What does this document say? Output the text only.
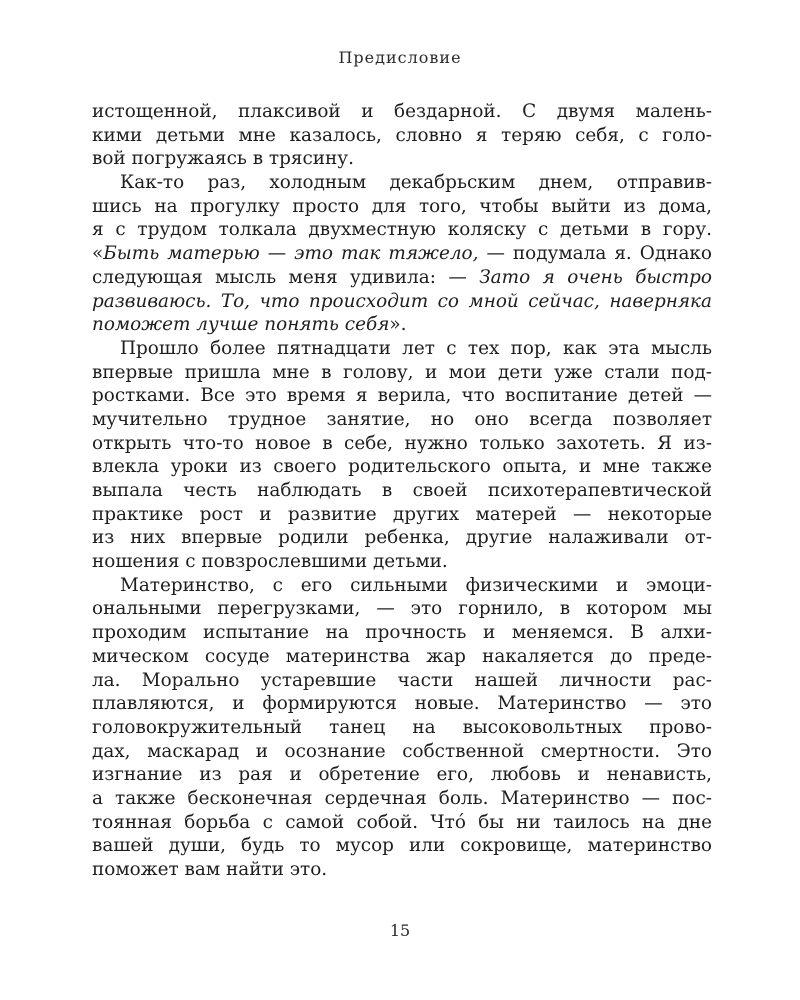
Предисловие
истощенной, плаксивой и бездарной. С двумя малень-
кими детьми мне казалось, словно я теряю себя, с голо-
вой погружаясь в трясину.
Как-то раз, холодным декабрьским днем, отправив-
шись на прогулку просто для того, чтобы выйти из дома,
я с трудом толкала двухместную коляску с детьми в гору.
«Быть матерью — это так тяжело, — подумала я. Однако
следующая мысль меня удивила: — Зато я очень быстро
развиваюсь. То, что происходит со мной сейчас, наверняка
поможет лучше понять себя».
Прошло более пятнадцати лет с тех пор, как эта мысль
впервые пришла мне в голову, и мои дети уже стали под-
ростками. Все это время я верила, что воспитание детей —
мучительно трудное занятие, но оно всегда позволяет
открыть что-то новое в себе, нужно только захотеть. Я из-
влекла уроки из своего родительского опыта, и мне также
выпала честь наблюдать в своей психотерапевтической
практике рост и развитие других матерей — некоторые
из них впервые родили ребенка, другие налаживали от-
ношения с повзрослевшими детьми.
Материнство, с его сильными физическими и эмоци-
ональными перегрузками, — это горнило, в котором мы
проходим испытание на прочность и меняемся. В алхи-
мическом сосуде материнства жар накаляется до преде-
ла. Морально устаревшие части нашей личности рас-
плавляются, и формируются новые. Материнство — это
головокружительный танец на высоковольтных прово-
дах, маскарад и осознание собственной смертности. Это
изгнание из рая и обретение его, любовь и ненависть,
а также бесконечная сердечная боль. Материнство — пос-
тоянная борьба с самой собой. Чтó бы ни таилось на дне
вашей души, будь то мусор или сокровище, материнство
поможет вам найти это.
15
